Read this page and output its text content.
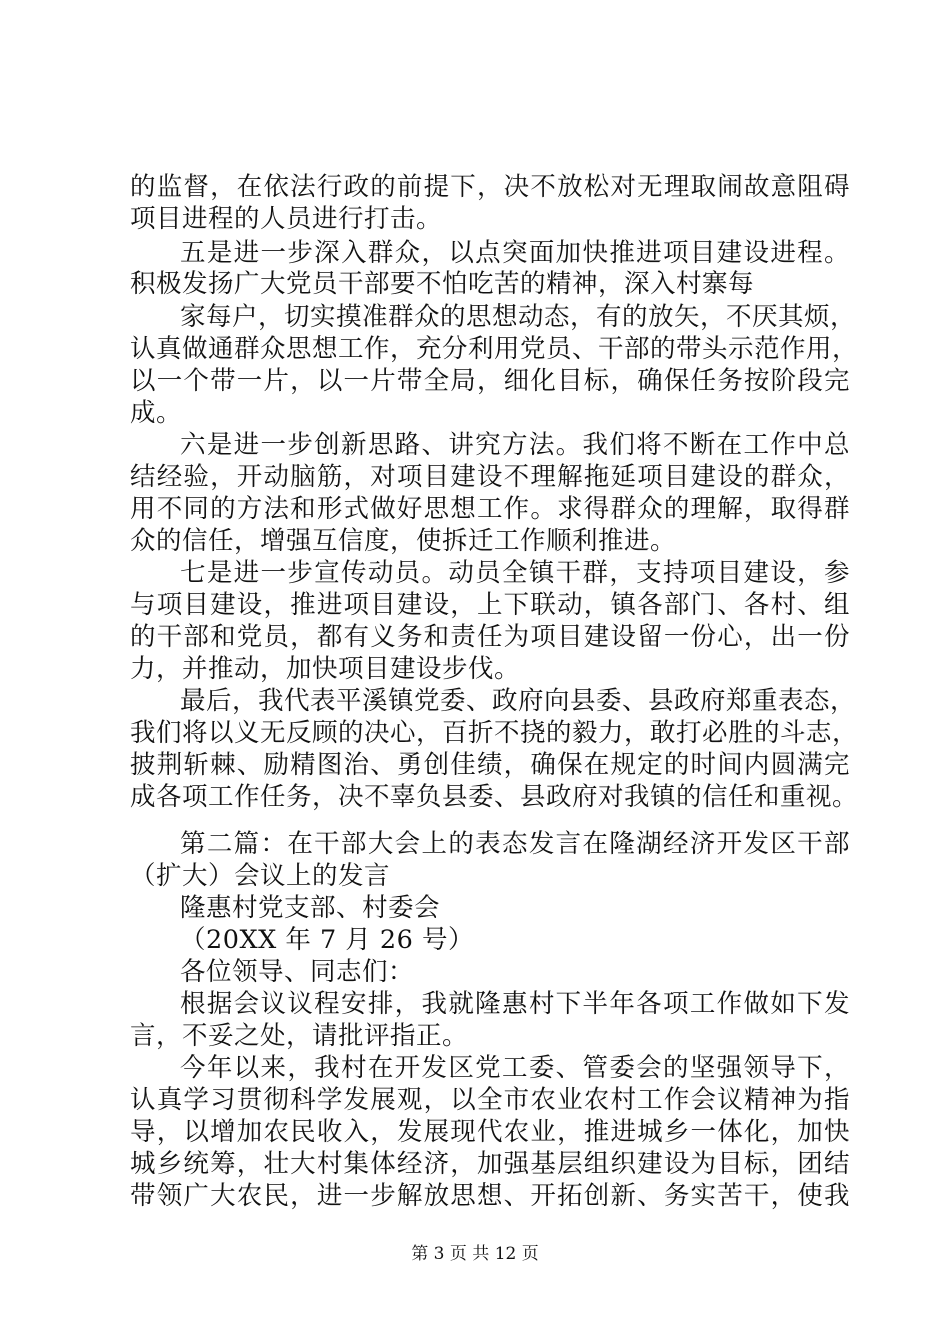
的监督，在依法行政的前提下，决不放松对无理取闹故意阻碍
项目进程的人员进行打击。
五是进一步深入群众，以点突面加快推进项目建设进程。
积极发扬广大党员干部要不怕吃苦的精神，深入村寨每
家每户，切实摸准群众的思想动态，有的放矢，不厌其烦，
认真做通群众思想工作，充分利用党员、干部的带头示范作用，
以一个带一片，以一片带全局，细化目标，确保任务按阶段完
成。
六是进一步创新思路、讲究方法。我们将不断在工作中总
结经验，开动脑筋，对项目建设不理解拖延项目建设的群众，
用不同的方法和形式做好思想工作。求得群众的理解，取得群
众的信任，增强互信度，使拆迁工作顺利推进。
七是进一步宣传动员。动员全镇干群，支持项目建设，参
与项目建设，推进项目建设，上下联动，镇各部门、各村、组
的干部和党员，都有义务和责任为项目建设留一份心，出一份
力，并推动，加快项目建设步伐。
最后，我代表平溪镇党委、政府向县委、县政府郑重表态，
我们将以义无反顾的决心，百折不挠的毅力，敢打必胜的斗志，
披荆斩棘、励精图治、勇创佳绩，确保在规定的时间内圆满完
成各项工作任务，决不辜负县委、县政府对我镇的信任和重视。
第二篇：在干部大会上的表态发言在隆湖经济开发区干部
（扩大）会议上的发言
隆惠村党支部、村委会
（20XX 年 7 月 26 号）
各位领导、同志们：
根据会议议程安排，我就隆惠村下半年各项工作做如下发
言，不妥之处，请批评指正。
今年以来，我村在开发区党工委、管委会的坚强领导下，
认真学习贯彻科学发展观，以全市农业农村工作会议精神为指
导，以增加农民收入，发展现代农业，推进城乡一体化，加快
城乡统筹，壮大村集体经济，加强基层组织建设为目标，团结
带领广大农民，进一步解放思想、开拓创新、务实苦干，使我
第 3 页 共 12 页
